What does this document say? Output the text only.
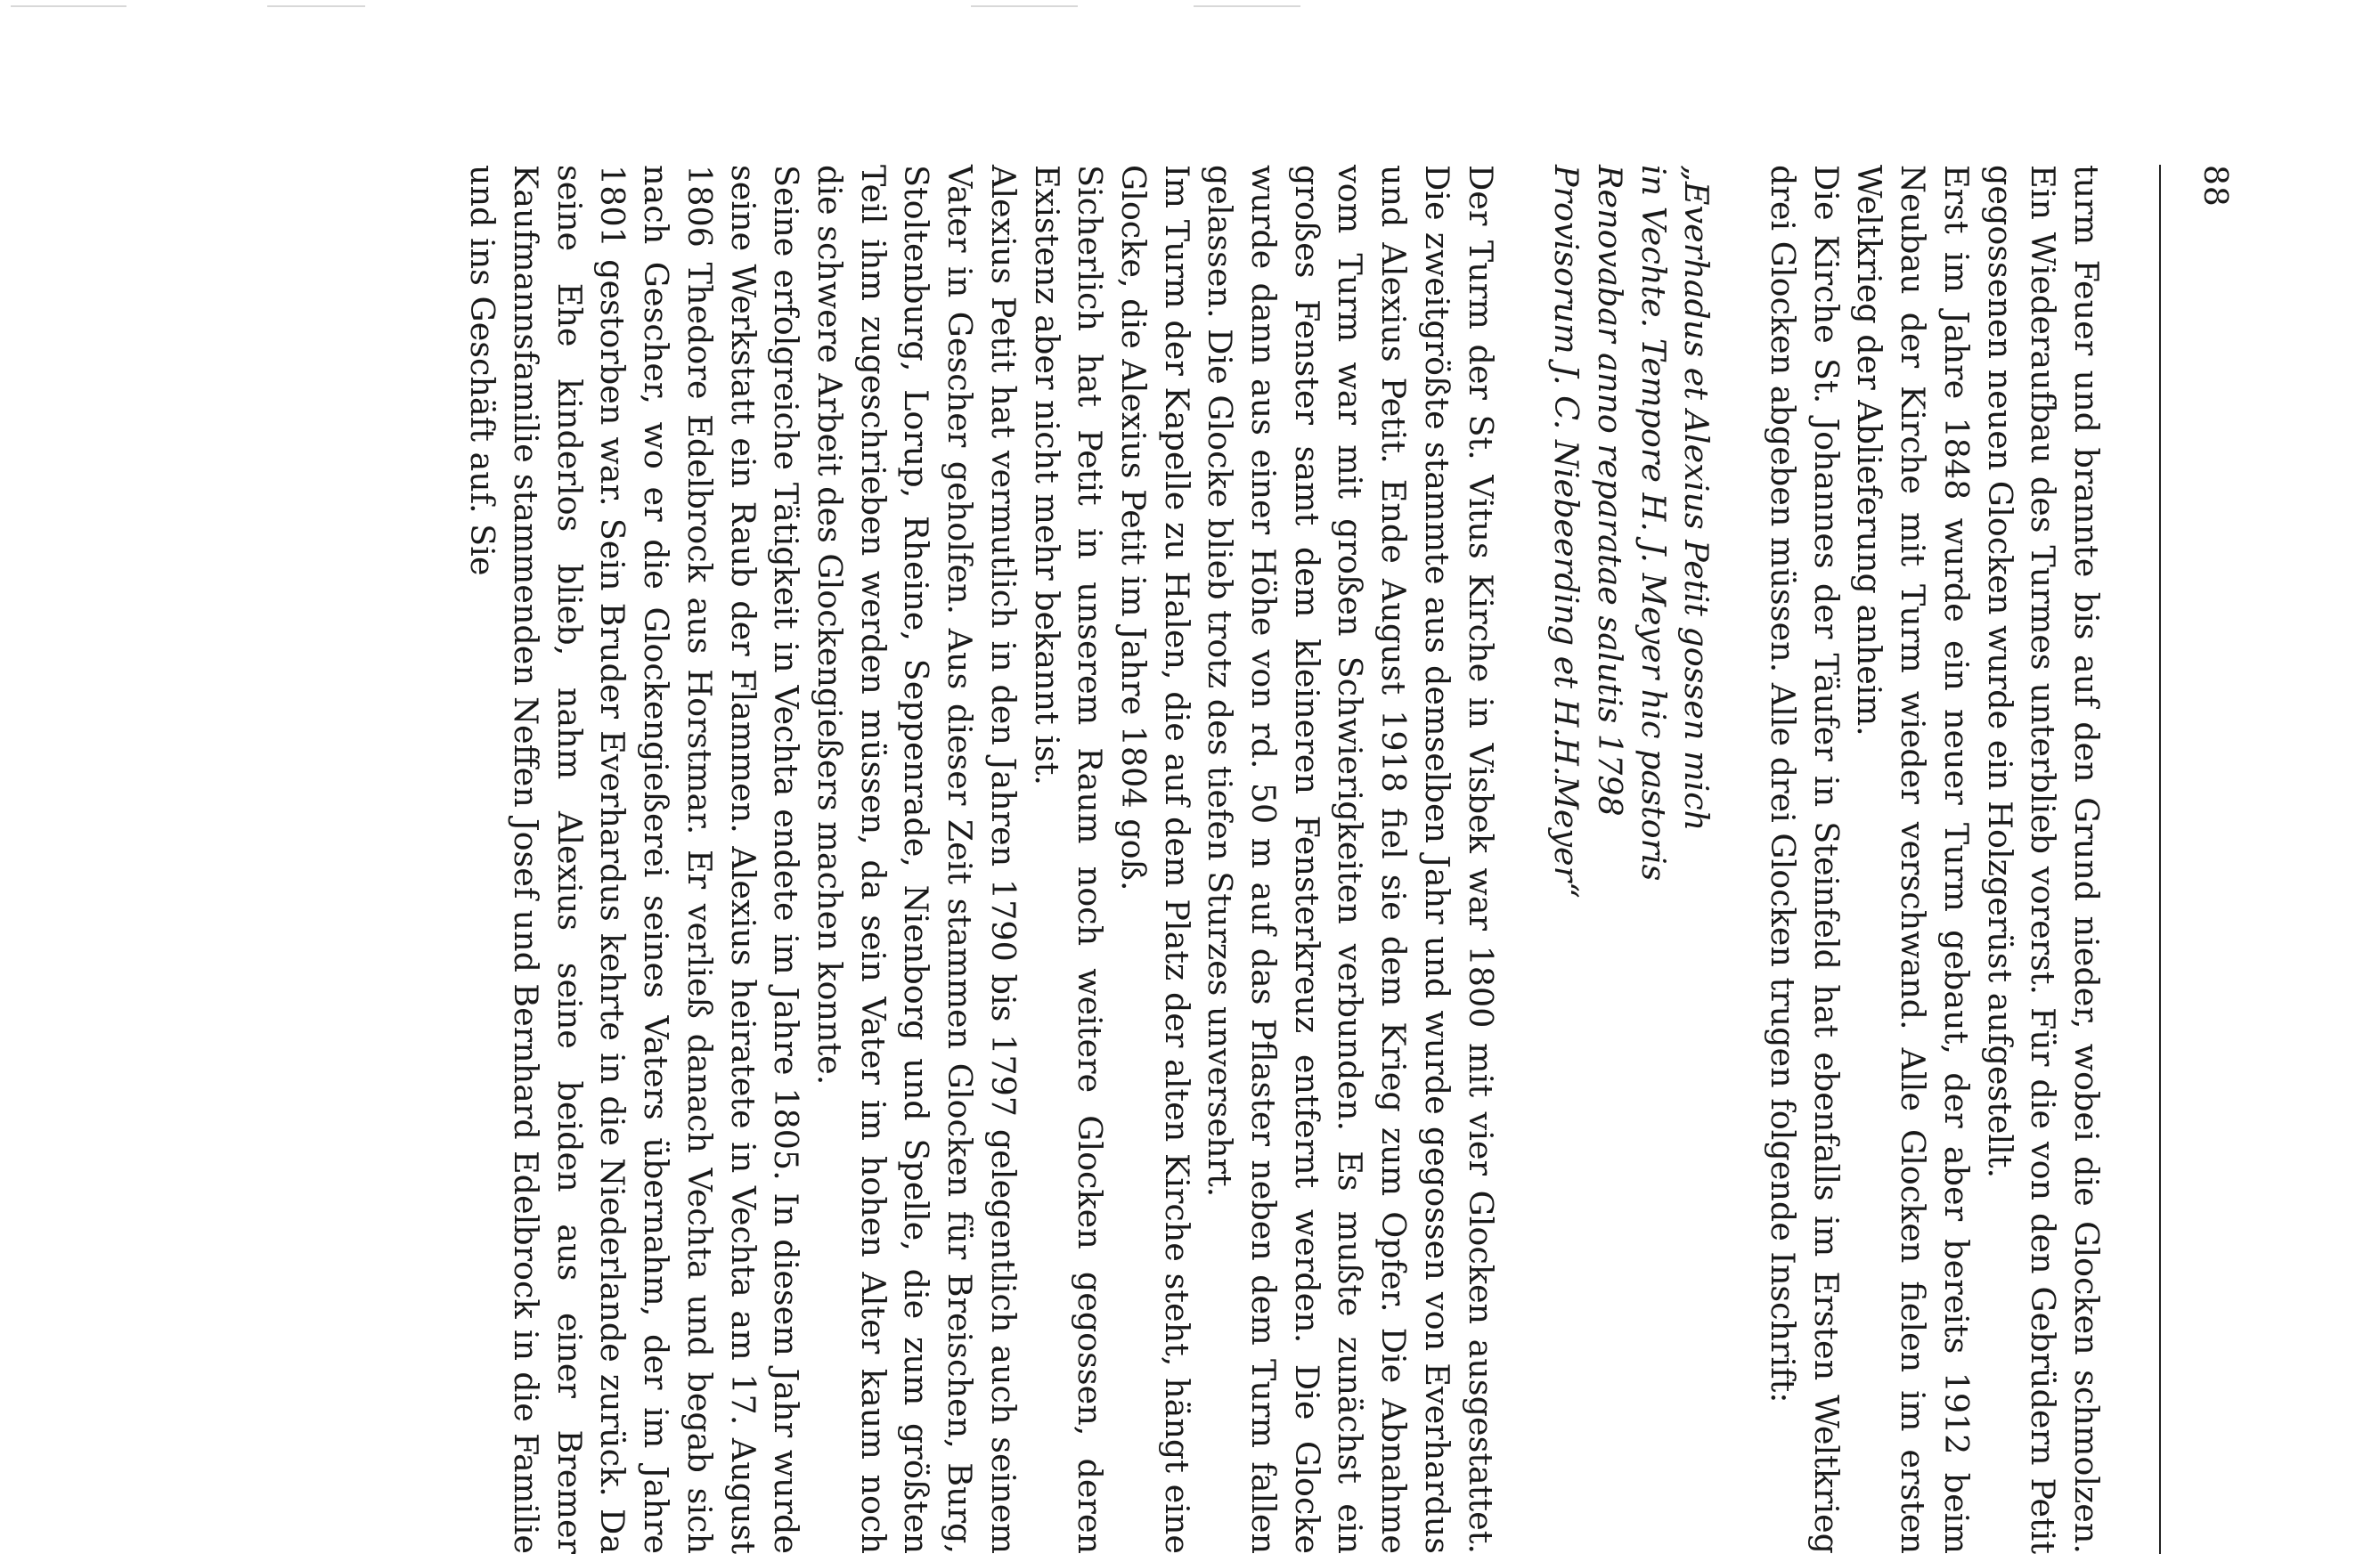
88

turm Feuer und brannte bis auf den Grund nieder, wobei die Glocken schmolzen. Ein Wiederaufbau des Turmes unterblieb vorerst. Für die von den Gebrüdern Petit gegossenen neuen Glocken wurde ein Holzgerüst aufgestellt.

Erst im Jahre 1848 wurde ein neuer Turm gebaut, der aber bereits 1912 beim Neubau der Kirche mit Turm wieder verschwand. Alle Glocken fielen im ersten Weltkrieg der Ablieferung anheim.

Die Kirche St. Johannes der Täufer in Steinfeld hat ebenfalls im Ersten Weltkrieg drei Glocken abgeben müssen. Alle drei Glocken trugen folgende Inschrift:

„Everhadus et Alexius Petit gossen mich
in Vechte. Tempore H. J. Meyer hic pastoris
Renovabar anno reparatae salutis 1798
Provisorum J. C. Niebeerding et H.H.Meyer“

Der Turm der St. Vitus Kirche in Visbek war 1800 mit vier Glocken ausgestattet. Die zweitgrößte stammte aus demselben Jahr und wurde gegossen von Everhardus und Alexius Petit. Ende August 1918 fiel sie dem Krieg zum Opfer. Die Abnahme vom Turm war mit großen Schwierigkeiten verbunden. Es mußte zunächst ein großes Fenster samt dem kleineren Fensterkreuz entfernt werden. Die Glocke wurde dann aus einer Höhe von rd. 50 m auf das Pflaster neben dem Turm fallen gelassen. Die Glocke blieb trotz des tiefen Sturzes unversehrt.

Im Turm der Kapelle zu Halen, die auf dem Platz der alten Kirche steht, hängt eine Glocke, die Alexius Petit im Jahre 1804 goß.

Sicherlich hat Petit in unserem Raum noch weitere Glocken gegossen, deren Existenz aber nicht mehr bekannt ist.

Alexius Petit hat vermutlich in den Jahren 1790 bis 1797 gelegentlich auch seinem Vater in Gescher geholfen. Aus dieser Zeit stammen Glocken für Breischen, Burg, Stoltenburg, Lorup, Rheine, Seppenrade, Nienborg und Spelle, die zum größten Teil ihm zugeschrieben werden müssen, da sein Vater im hohen Alter kaum noch die schwere Arbeit des Glockengießers machen konnte.

Seine erfolgreiche Tätigkeit in Vechta endete im Jahre 1805. In diesem Jahr wurde seine Werkstatt ein Raub der Flammen. Alexius heiratete in Vechta am 17. August 1806 Thedore Edelbrock aus Horstmar. Er verließ danach Vechta und begab sich nach Gescher, wo er die Glockengießerei seines Vaters übernahm, der im Jahre 1801 gestorben war. Sein Bruder Everhardus kehrte in die Niederlande zurück. Da seine Ehe kinderlos blieb, nahm Alexius seine beiden aus einer Bremer Kaufmannsfamilie stammenden Neffen Josef und Bernhard Edelbrock in die Familie und ins Geschäft auf. Sie
